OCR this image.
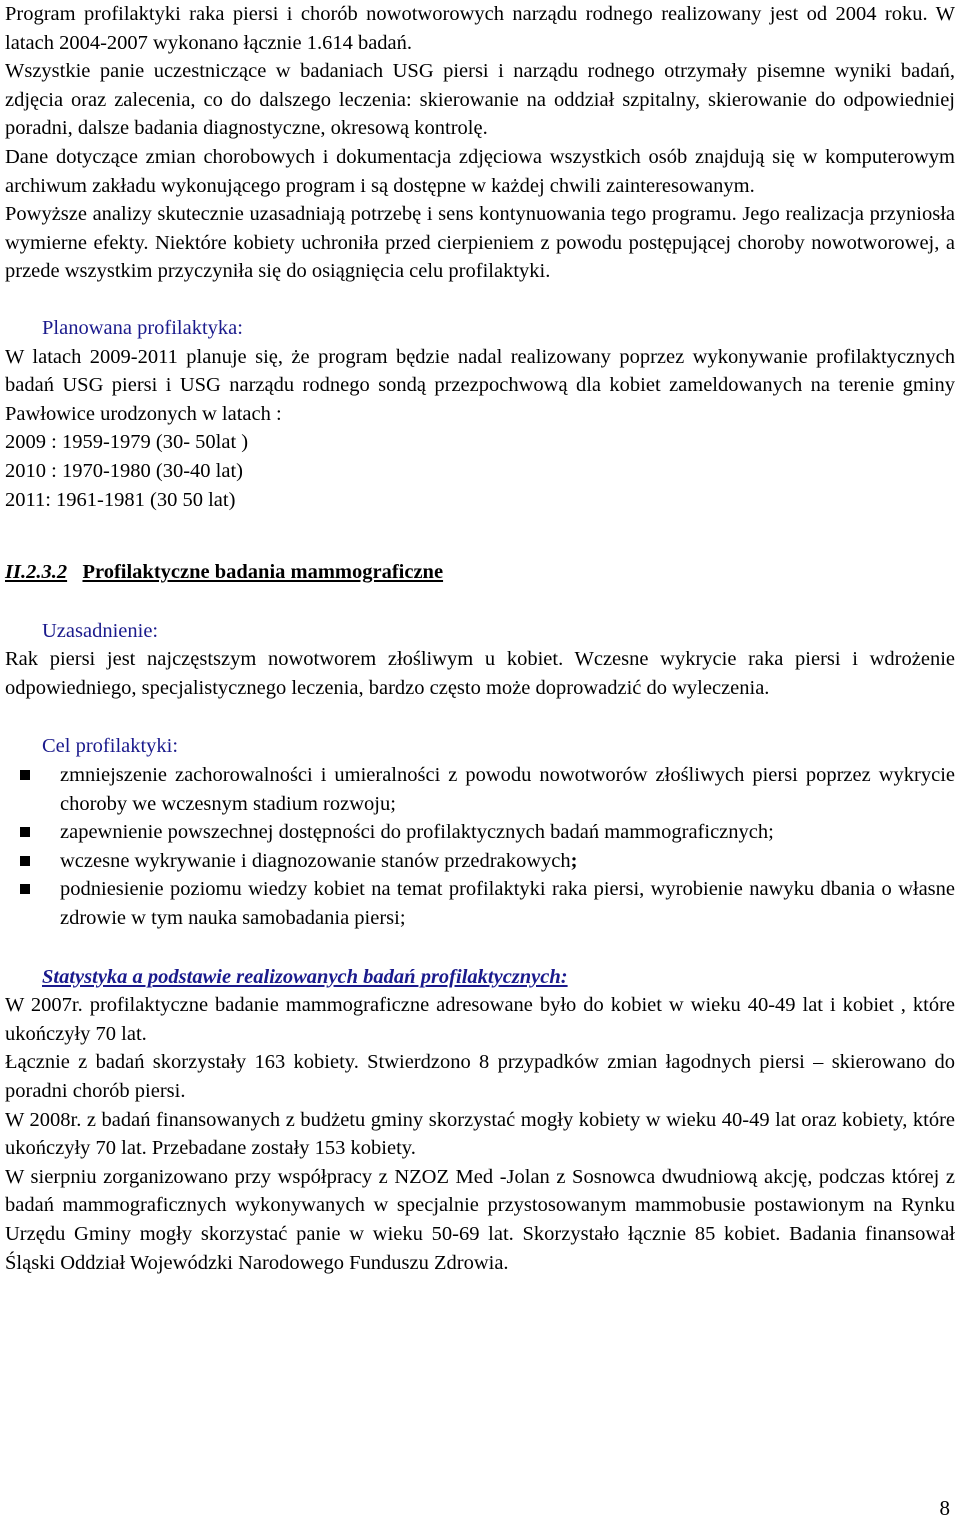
Program profilaktyki raka piersi i chorób nowotworowych narządu rodnego realizowany jest od 2004 roku. W latach 2004-2007 wykonano łącznie 1.614 badań.

Wszystkie panie uczestniczące w badaniach USG piersi i narządu rodnego otrzymały pisemne wyniki badań, zdjęcia oraz zalecenia, co do dalszego leczenia: skierowanie na oddział szpitalny, skierowanie do odpowiedniej poradni, dalsze badania diagnostyczne, okresową kontrolę.

Dane dotyczące zmian chorobowych i dokumentacja zdjęciowa wszystkich osób znajdują się w komputerowym archiwum zakładu wykonującego program i są dostępne w każdej chwili zainteresowanym.

Powyższe analizy skutecznie uzasadniają potrzebę i sens kontynuowania tego programu. Jego realizacja przyniosła wymierne efekty. Niektóre kobiety uchroniła przed cierpieniem z powodu postępującej choroby nowotworowej, a przede wszystkim przyczyniła się do osiągnięcia celu profilaktyki.

Planowana profilaktyka:

W latach 2009-2011 planuje się, że program będzie nadal realizowany poprzez wykonywanie profilaktycznych badań USG piersi i USG narządu rodnego sondą przezpochwową dla kobiet zameldowanych na terenie gminy Pawłowice urodzonych w latach :

2009 : 1959-1979 (30- 50lat )

2010 : 1970-1980 (30-40 lat)

2011: 1961-1981 (30 50 lat)

II.2.3.2 Profilaktyczne badania mammograficzne

Uzasadnienie:

Rak piersi jest najczęstszym nowotworem złośliwym u kobiet. Wczesne wykrycie raka piersi i wdrożenie odpowiedniego, specjalistycznego leczenia, bardzo często może doprowadzić do wyleczenia.

Cel profilaktyki:

zmniejszenie zachorowalności i umieralności z powodu nowotworów złośliwych piersi poprzez wykrycie choroby we wczesnym stadium rozwoju;
zapewnienie powszechnej dostępności do profilaktycznych badań mammograficznych;
wczesne wykrywanie i diagnozowanie stanów przedrakowych;
podniesienie poziomu wiedzy kobiet na temat profilaktyki raka piersi, wyrobienie nawyku dbania o własne zdrowie w tym nauka samobadania piersi;

Statystyka a podstawie realizowanych badań profilaktycznych:

W 2007r. profilaktyczne badanie mammograficzne adresowane było do kobiet w wieku 40-49 lat i kobiet , które ukończyły 70 lat.

Łącznie z badań skorzystały 163 kobiety. Stwierdzono 8 przypadków zmian łagodnych piersi – skierowano do poradni chorób piersi.

W 2008r. z badań finansowanych z budżetu gminy skorzystać mogły kobiety w wieku 40-49 lat oraz kobiety, które ukończyły 70 lat. Przebadane zostały 153 kobiety.

W sierpniu zorganizowano przy współpracy z NZOZ Med -Jolan z Sosnowca dwudniową akcję, podczas której z badań mammograficznych wykonywanych w specjalnie przystosowanym mammobusie postawionym na Rynku Urzędu Gminy mogły skorzystać panie w wieku 50-69 lat. Skorzystało łącznie 85 kobiet. Badania finansował Śląski Oddział Wojewódzki Narodowego Funduszu Zdrowia.

8
